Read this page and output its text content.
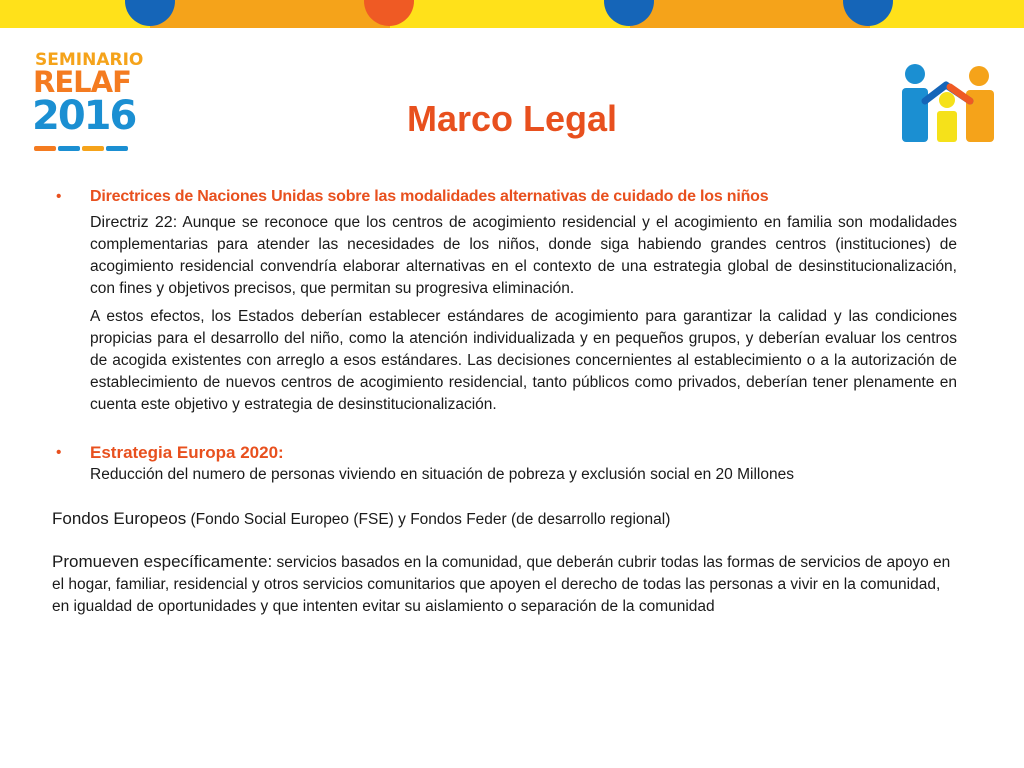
SEMINARIO
RELAF
2016	Marco Legal
• Directrices de Naciones Unidas sobre las modalidades alternativas de cuidado de los niños

Directriz 22: Aunque se reconoce que los centros de acogimiento residencial y el acogimiento en familia son modalidades complementarias para atender las necesidades de los niños, donde siga habiendo grandes centros (instituciones) de acogimiento residencial convendría elaborar alternativas en el contexto de una estrategia global de desinstitucionalización, con fines y objetivos precisos, que permitan su progresiva eliminación.

A estos efectos, los Estados deberían establecer estándares de acogimiento para garantizar la calidad y las condiciones propicias para el desarrollo del niño, como la atención individualizada y en pequeños grupos, y deberían evaluar los centros de acogida existentes con arreglo a esos estándares. Las decisiones concernientes al establecimiento o a la autorización de establecimiento de nuevos centros de acogimiento residencial, tanto públicos como privados, deberían tener plenamente en cuenta este objetivo y estrategia de desinstitucionalización.

• Estrategia Europa 2020:
Reducción del numero de personas viviendo en situación de pobreza y exclusión social en 20 Millones
Fondos Europeos (Fondo Social Europeo (FSE) y Fondos Feder (de desarrollo regional)
Promueven específicamente: servicios basados en la comunidad, que deberán cubrir todas las formas de servicios de apoyo en el hogar, familiar, residencial y otros servicios comunitarios que apoyen el derecho de todas las personas a vivir en la comunidad, en igualdad de oportunidades y que intenten evitar su aislamiento o separación de la comunidad
